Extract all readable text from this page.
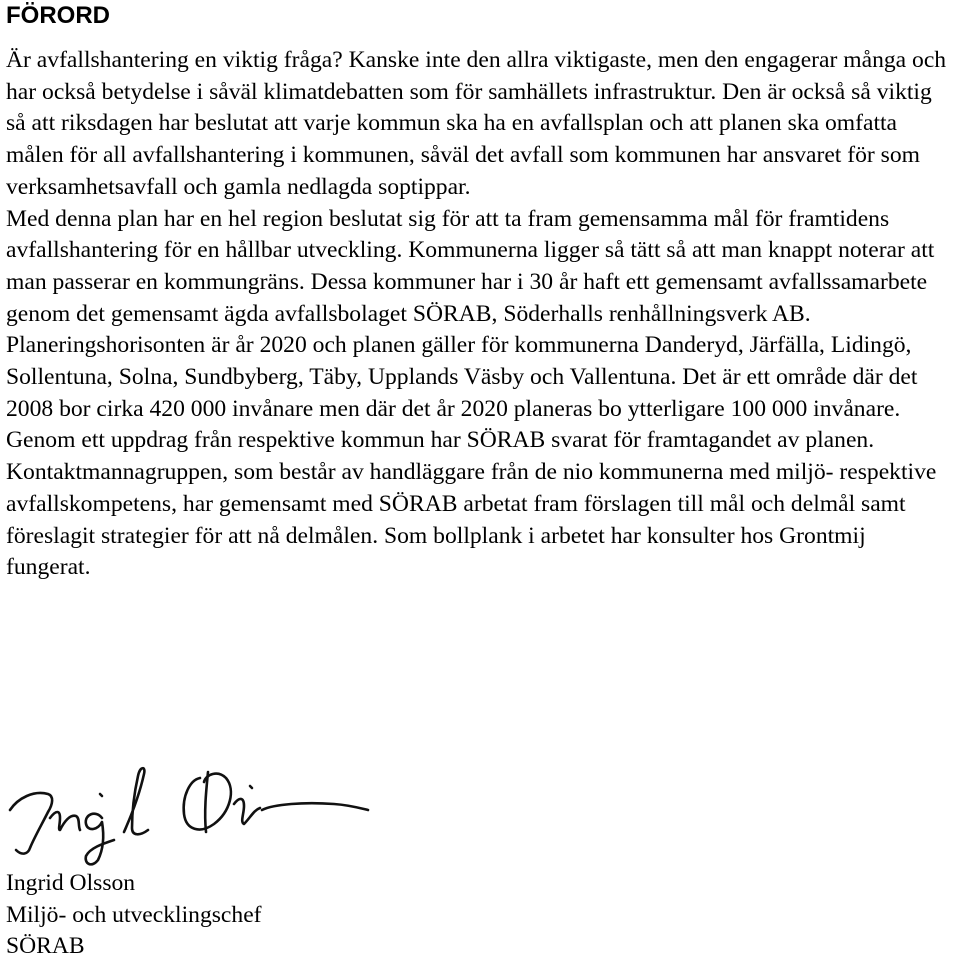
FÖRORD

Är avfallshantering en viktig fråga? Kanske inte den allra viktigaste, men den engagerar många och har också betydelse i såväl klimatdebatten som för samhällets infrastruktur. Den är också så viktig så att riksdagen har beslutat att varje kommun ska ha en avfallsplan och att planen ska omfatta målen för all avfallshantering i kommunen, såväl det avfall som kommunen har ansvaret för som verksamhetsavfall och gamla nedlagda soptippar.

Med denna plan har en hel region beslutat sig för att ta fram gemensamma mål för framtidens avfallshantering för en hållbar utveckling. Kommunerna ligger så tätt så att man knappt noterar att man passerar en kommungräns. Dessa kommuner har i 30 år haft ett gemensamt avfallssamarbete genom det gemensamt ägda avfallsbolaget SÖRAB, Söderhalls renhållningsverk AB.

Planeringshorisonten är år 2020 och planen gäller för kommunerna Danderyd, Järfälla, Lidingö, Sollentuna, Solna, Sundbyberg, Täby, Upplands Väsby och Vallentuna. Det är ett område där det 2008 bor cirka 420 000 invånare men där det år 2020 planeras bo ytterligare 100 000 invånare.

Genom ett uppdrag från respektive kommun har SÖRAB svarat för framtagandet av planen. Kontaktmannagruppen, som består av handläggare från de nio kommunerna med miljö- respektive avfallskompetens, har gemensamt med SÖRAB arbetat fram förslagen till mål och delmål samt föreslagit strategier för att nå delmålen. Som bollplank i arbetet har konsulter hos Grontmij fungerat.

Ingrid Olsson
Miljö- och utvecklingschef
SÖRAB
